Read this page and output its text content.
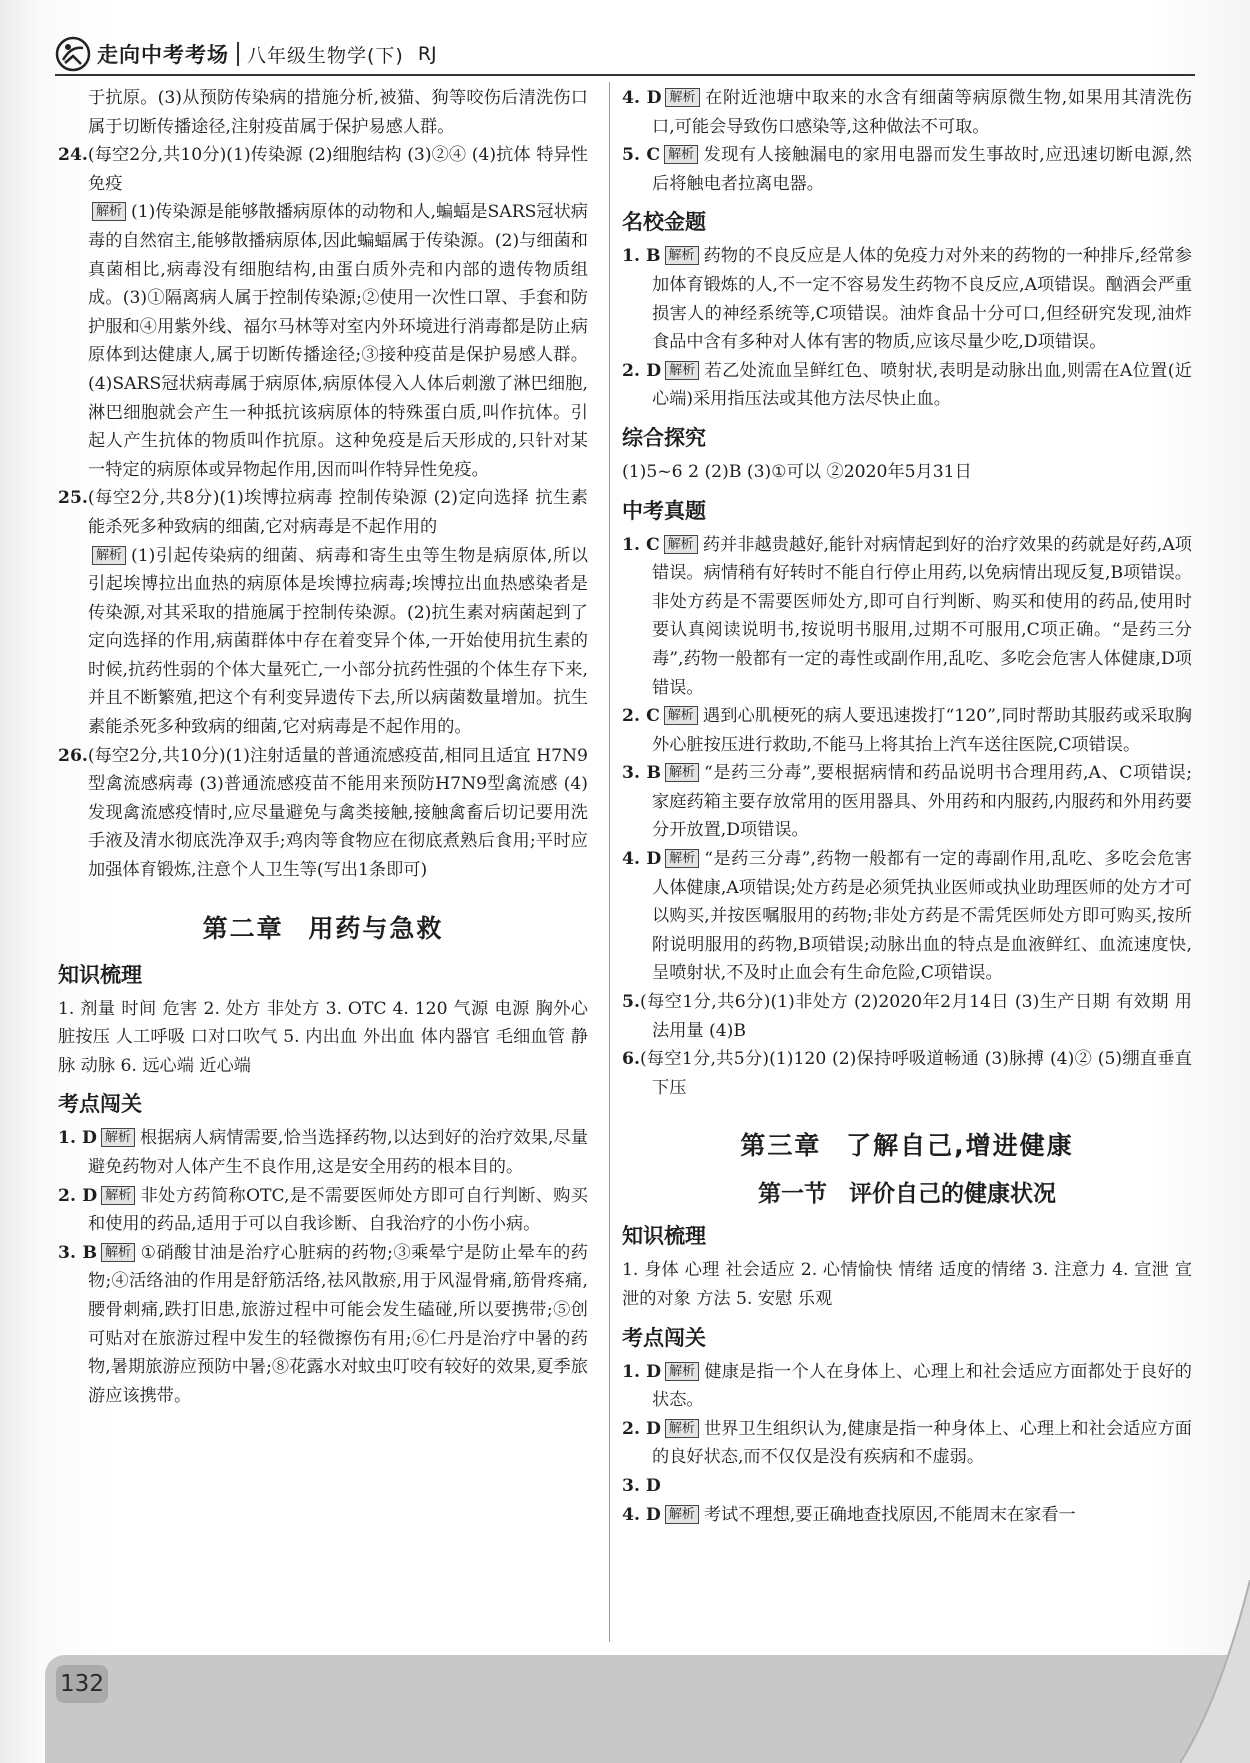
走向中考考场 八年级生物学(下) RJ

于抗原。(3)从预防传染病的措施分析,被猫、狗等咬伤后清洗伤口属于切断传播途径,注射疫苗属于保护易感人群。

24.(每空2分,共10分)(1)传染源 (2)细胞结构 (3)②④ (4)抗体 特异性免疫

解析 (1)传染源是能够散播病原体的动物和人,蝙蝠是SARS冠状病毒的自然宿主,能够散播病原体,因此蝙蝠属于传染源。(2)与细菌和真菌相比,病毒没有细胞结构,由蛋白质外壳和内部的遗传物质组成。(3)①隔离病人属于控制传染源;②使用一次性口罩、手套和防护服和④用紫外线、福尔马林等对室内外环境进行消毒都是防止病原体到达健康人,属于切断传播途径;③接种疫苗是保护易感人群。(4)SARS冠状病毒属于病原体,病原体侵入人体后刺激了淋巴细胞,淋巴细胞就会产生一种抵抗该病原体的特殊蛋白质,叫作抗体。引起人产生抗体的物质叫作抗原。这种免疫是后天形成的,只针对某一特定的病原体或异物起作用,因而叫作特异性免疫。

25.(每空2分,共8分)(1)埃博拉病毒 控制传染源 (2)定向选择 抗生素能杀死多种致病的细菌,它对病毒是不起作用的

解析 (1)引起传染病的细菌、病毒和寄生虫等生物是病原体,所以引起埃博拉出血热的病原体是埃博拉病毒;埃博拉出血热感染者是传染源,对其采取的措施属于控制传染源。(2)抗生素对病菌起到了定向选择的作用,病菌群体中存在着变异个体,一开始使用抗生素的时候,抗药性弱的个体大量死亡,一小部分抗药性强的个体生存下来,并且不断繁殖,把这个有利变异遗传下去,所以病菌数量增加。抗生素能杀死多种致病的细菌,它对病毒是不起作用的。

26.(每空2分,共10分)(1)注射适量的普通流感疫苗,相同且适宜 H7N9型禽流感病毒 (3)普通流感疫苗不能用来预防H7N9型禽流感 (4)发现禽流感疫情时,应尽量避免与禽类接触,接触禽畜后切记要用洗手液及清水彻底洗净双手;鸡肉等食物应在彻底煮熟后食用;平时应加强体育锻炼,注意个人卫生等(写出1条即可)

第二章 用药与急救
知识梳理

1. 剂量 时间 危害 2. 处方 非处方 3. OTC 4. 120 气源 电源 胸外心脏按压 人工呼吸 口对口吹气 5. 内出血 外出血 体内器官 毛细血管 静脉 动脉 6. 远心端 近心端

考点闯关

1. D 解析 根据病人病情需要,恰当选择药物,以达到好的治疗效果,尽量避免药物对人体产生不良作用,这是安全用药的根本目的。

2. D 解析 非处方药简称OTC,是不需要医师处方即可自行判断、购买和使用的药品,适用于可以自我诊断、自我治疗的小伤小病。

3. B 解析 ①硝酸甘油是治疗心脏病的药物;③乘晕宁是防止晕车的药物;④活络油的作用是舒筋活络,祛风散瘀,用于风湿骨痛,筋骨疼痛,腰骨刺痛,跌打旧患,旅游过程中可能会发生磕碰,所以要携带;⑤创可贴对在旅游过程中发生的轻微擦伤有用;⑥仁丹是治疗中暑的药物,暑期旅游应预防中暑;⑧花露水对蚊虫叮咬有较好的效果,夏季旅游应该携带。

4. D 解析 在附近池塘中取来的水含有细菌等病原微生物,如果用其清洗伤口,可能会导致伤口感染等,这种做法不可取。

5. C 解析 发现有人接触漏电的家用电器而发生事故时,应迅速切断电源,然后将触电者拉离电器。

名校金题

1. B 解析 药物的不良反应是人体的免疫力对外来的药物的一种排斥,经常参加体育锻炼的人,不一定不容易发生药物不良反应,A项错误。酗酒会严重损害人的神经系统等,C项错误。油炸食品十分可口,但经研究发现,油炸食品中含有多种对人体有害的物质,应该尽量少吃,D项错误。

2. D 解析 若乙处流血呈鲜红色、喷射状,表明是动脉出血,则需在A位置(近心端)采用指压法或其他方法尽快止血。

综合探究

(1)5~6 2 (2)B (3)①可以 ②2020年5月31日

中考真题

1. C 解析 药并非越贵越好,能针对病情起到好的治疗效果的药就是好药,A项错误。病情稍有好转时不能自行停止用药,以免病情出现反复,B项错误。非处方药是不需要医师处方,即可自行判断、购买和使用的药品,使用时要认真阅读说明书,按说明书服用,过期不可服用,C项正确。“是药三分毒”,药物一般都有一定的毒性或副作用,乱吃、多吃会危害人体健康,D项错误。

2. C 解析 遇到心肌梗死的病人要迅速拨打“120”,同时帮助其服药或采取胸外心脏按压进行救助,不能马上将其抬上汽车送往医院,C项错误。

3. B 解析 “是药三分毒”,要根据病情和药品说明书合理用药,A、C项错误;家庭药箱主要存放常用的医用器具、外用药和内服药,内服药和外用药要分开放置,D项错误。

4. D 解析 “是药三分毒”,药物一般都有一定的毒副作用,乱吃、多吃会危害人体健康,A项错误;处方药是必须凭执业医师或执业助理医师的处方才可以购买,并按医嘱服用的药物;非处方药是不需凭医师处方即可购买,按所附说明服用的药物,B项错误;动脉出血的特点是血液鲜红、血流速度快,呈喷射状,不及时止血会有生命危险,C项错误。

5.(每空1分,共6分)(1)非处方 (2)2020年2月14日 (3)生产日期 有效期 用法用量 (4)B

6.(每空1分,共5分)(1)120 (2)保持呼吸道畅通 (3)脉搏 (4)② (5)绷直垂直下压

第三章 了解自己,增进健康
第一节 评价自己的健康状况
知识梳理

1. 身体 心理 社会适应 2. 心情愉快 情绪 适度的情绪 3. 注意力 4. 宣泄 宣泄的对象 方法 5. 安慰 乐观

考点闯关

1. D 解析 健康是指一个人在身体上、心理上和社会适应方面都处于良好的状态。

2. D 解析 世界卫生组织认为,健康是指一种身体上、心理上和社会适应方面的良好状态,而不仅仅是没有疾病和不虚弱。

3. D

4. D 解析 考试不理想,要正确地查找原因,不能周末在家看一

132
